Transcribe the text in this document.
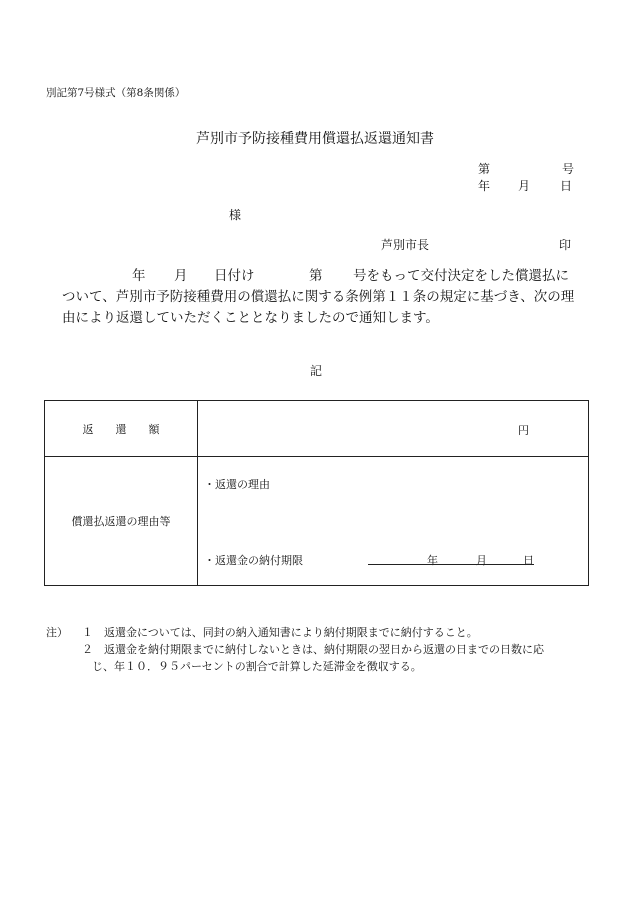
別記第7号様式（第8条関係）
芦別市予防接種費用償還払返還通知書
第	号
年 月 日
様
芦別市長	印
年 月 日付け	第 号をもって交付決定をした償還払に
ついて、芦別市予防接種費用の償還払に関する条例第１１条の規定に基づき、次の理
由により返還していただくこととなりましたので通知します。
記
返　　還　　額	円

償還払返還の理由等	・返還の理由
・返還金の納付期限 年 月 日
注） １ 返還金については、同封の納入通知書により納付期限までに納付すること。
２ 返還金を納付期限までに納付しないときは、納付期限の翌日から返還の日までの日数に応
じ、年１０．９５パーセントの割合で計算した延滞金を徴収する。
